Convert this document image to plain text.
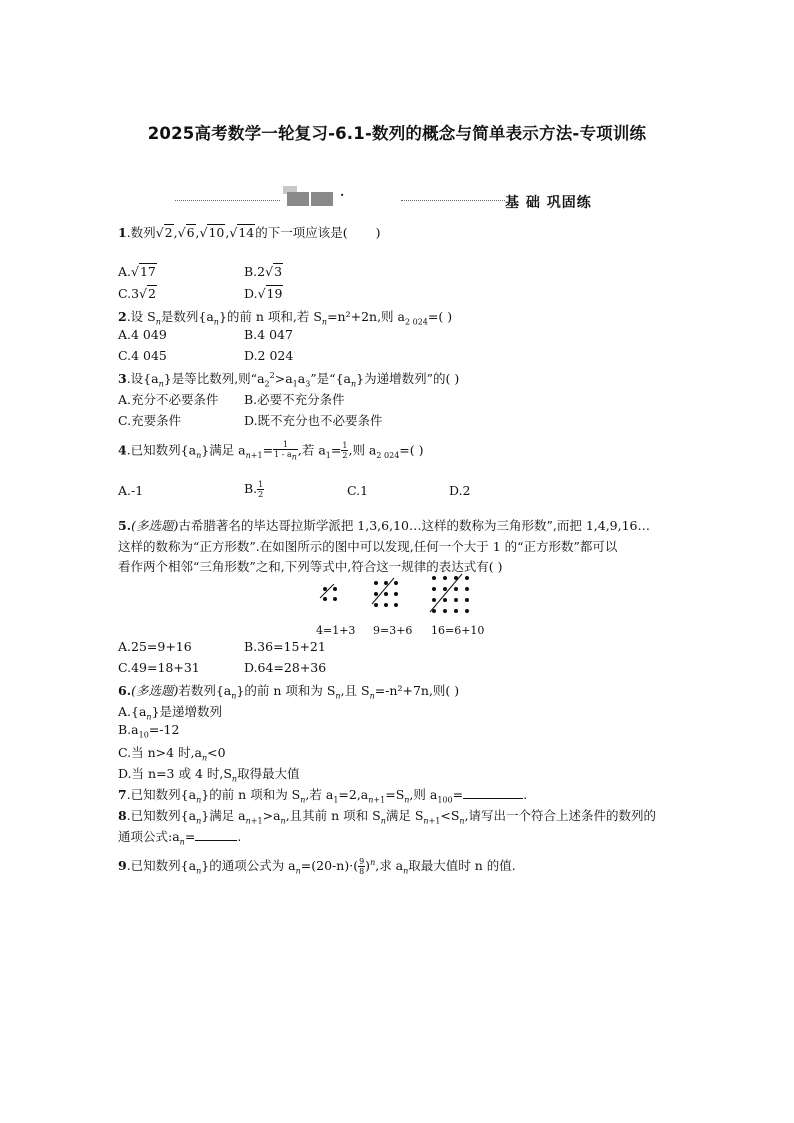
2025高考数学一轮复习-6.1-数列的概念与简单表示方法-专项训练
·	基 础 巩固练
1.数列√2,√6,√10,√14的下一项应该是( )
A.√17	B.2√3
C.3√2	D.√19
2.设 $S_n$是数列$\{a_n\}$的前 n 项和,若 $S_n=n^2+2n$,则 $a_{2 024}=$( )
A.4 049	B.4 047
C.4 045	D.2 024
3.设$\{a_n\}$是等比数列,则“$a_2^2>a_1a_3$”是“$\{a_n\}$为递增数列”的( )
A.充分不必要条件 B.必要不充分条件
C.充要条件	D.既不充分也不必要条件
4.已知数列$\{a_n\}$满足 $a_{n+1}= \frac{1}{1 - a_n}$ ,若 $a_1= \frac{1}{2}$ ,则 $a_{2 024}=$( )
A.-1	B. $\frac{1}{2}$	C.1	D.2
5.(多选题)古希腊著名的毕达哥拉斯学派把 1,3,6,10…这样的数称为三角形数”,而把 1,4,9,16…
这样的数称为“正方形数”.在如图所示的图中可以发现,任何一个大于 1 的“正方形数”都可以
看作两个相邻“三角形数”之和,下列等式中,符合这一规律的表达式有( )
4=1+3 9=3+6 16=6+10
A.25=9+16	B.36=15+21
C.49=18+31	D.64=28+36
6.(多选题)若数列$\{a_n\}$的前 n 项和为 $S_n$,且 $S_n=-n^2+7n$,则( )
$A.\{a_n\}$是递增数列
$B.a_{10}=-12$
C.当 n>4 时$,a_n<0$
D.当 n=3 或 4 时$,S_n$取得最大值
7.已知数列$\{a_n\}$的前 n 项和为 $S_n$,若 $a_1=2,a_{n+1}=S_n$,则 $a_{100}=$	.
8.已知数列$\{a_n\}$满足 $a_{n+1}>a_n$,且其前 n 项和 $S_n$满足 $S_{n+1}<S_n$,请写出一个符合上述条件的数列的
通项公式$:a_n=$	.
9.已知数列$\{a_n\}$的通项公式为 $a_n=(20-n)\cdot( \frac{9}{8} )^n$,求 $a_n$取最大值时 n 的值.
